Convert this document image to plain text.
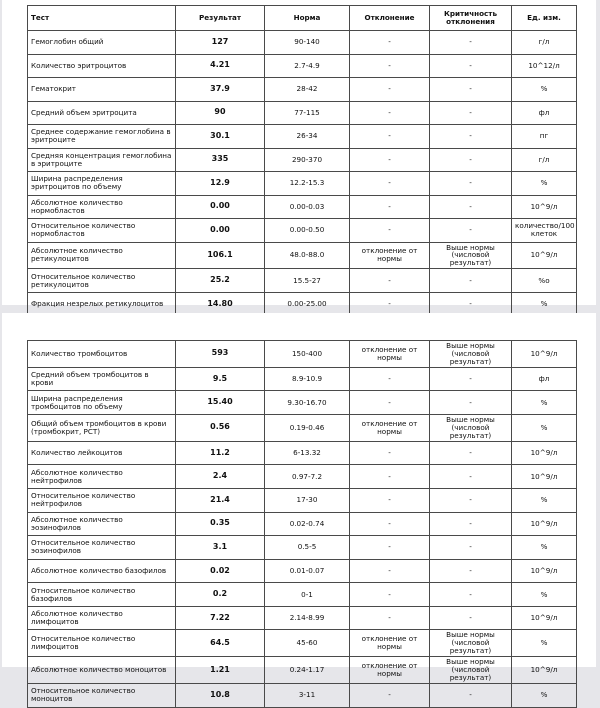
Тест	Результат	Норма	Отклонение	Критичность отклонения	Ед. изм.
Гемоглобин общий	127	90-140	-	-	г/л
Количество эритроцитов	4.21	2.7-4.9	-	-	10^12/л
Гематокрит	37.9	28-42	-	-	%
Средний объем эритроцита	90	77-115	-	-	фл
Среднее содержание гемоглобина в эритроците	30.1	26-34	-	-	пг
Средняя концентрация гемоглобина в эритроците	335	290-370	-	-	г/л
Ширина распределения эритроцитов по объему	12.9	12.2-15.3	-	-	%
Абсолютное количество нормобластов	0.00	0.00-0.03	-	-	10^9/л
Относительное количество нормобластов	0.00	0.00-0.50	-	-	количество/100 клеток
Абсолютное количество ретикулоцитов	106.1	48.0-88.0	отклонение от нормы	Выше нормы (числовой результат)	10^9/л
Относительное количество ретикулоцитов	25.2	15.5-27	-	-	%o
Фракция незрелых ретикулоцитов	14.80	0.00-25.00	-	-	%
Количество тромбоцитов	593	150-400	отклонение от нормы	Выше нормы (числовой результат)	10^9/л
Средний объем тромбоцитов в крови	9.5	8.9-10.9	-	-	фл
Ширина распределения тромбоцитов по объему	15.40	9.30-16.70	-	-	%
Общий объем тромбоцитов в крови (тромбокрит, PCT)	0.56	0.19-0.46	отклонение от нормы	Выше нормы (числовой результат)	%
Количество лейкоцитов	11.2	6-13.32	-	-	10^9/л
Абсолютное количество нейтрофилов	2.4	0.97-7.2	-	-	10^9/л
Относительное количество нейтрофилов	21.4	17-30	-	-	%
Абсолютное количество эозинофилов	0.35	0.02-0.74	-	-	10^9/л
Относительное количество эозинофилов	3.1	0.5-5	-	-	%
Абсолютное количество базофилов	0.02	0.01-0.07	-	-	10^9/л
Относительное количество базофилов	0.2	0-1	-	-	%
Абсолютное количество лимфоцитов	7.22	2.14-8.99	-	-	10^9/л
Относительное количество лимфоцитов	64.5	45-60	отклонение от нормы	Выше нормы (числовой результат)	%
Абсолютное количество моноцитов	1.21	0.24-1.17	отклонение от нормы	Выше нормы (числовой результат)	10^9/л
Относительное количество моноцитов	10.8	3-11	-	-	%
